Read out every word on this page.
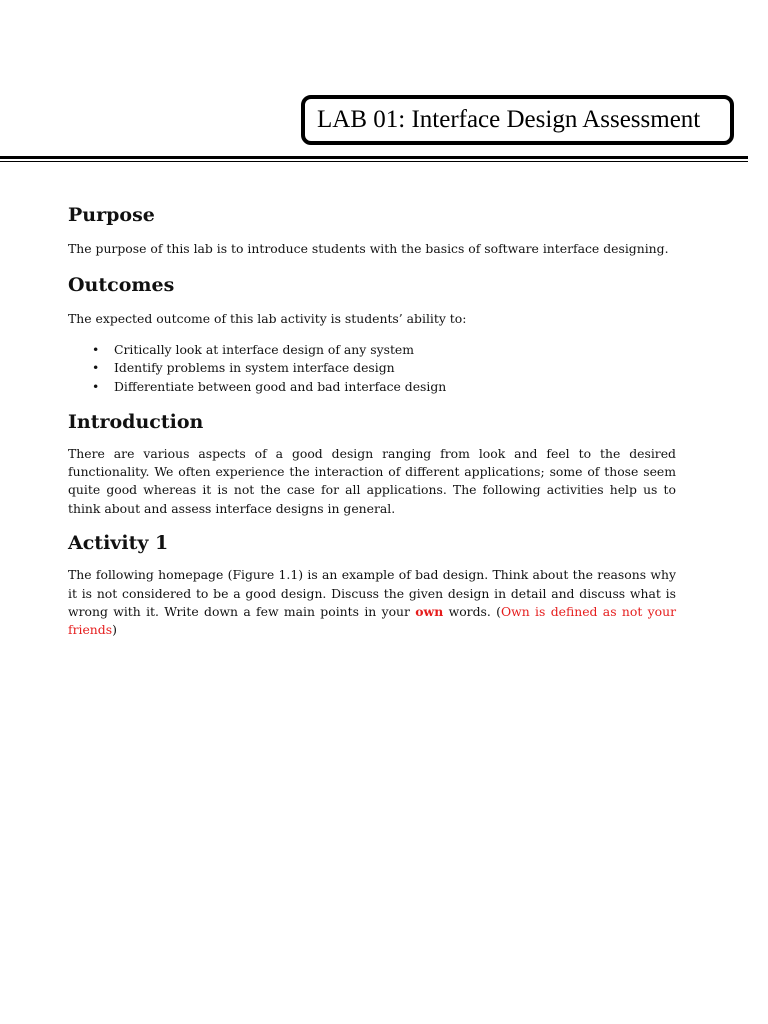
LAB 01: Interface Design Assessment
Purpose

The purpose of this lab is to introduce students with the basics of software interface designing.

Outcomes

The expected outcome of this lab activity is students’ ability to:

• Critically look at interface design of any system
• Identify problems in system interface design
• Differentiate between good and bad interface design
Introduction

There are various aspects of a good design ranging from look and feel to the desired functionality. We often experience the interaction of different applications; some of those seem quite good whereas it is not the case for all applications. The following activities help us to think about and assess interface designs in general.

Activity 1

The following homepage (Figure 1.1) is an example of bad design. Think about the reasons why it is not considered to be a good design. Discuss the given design in detail and discuss what is wrong with it. Write down a few main points in your own words. (Own is defined as not your friends)
